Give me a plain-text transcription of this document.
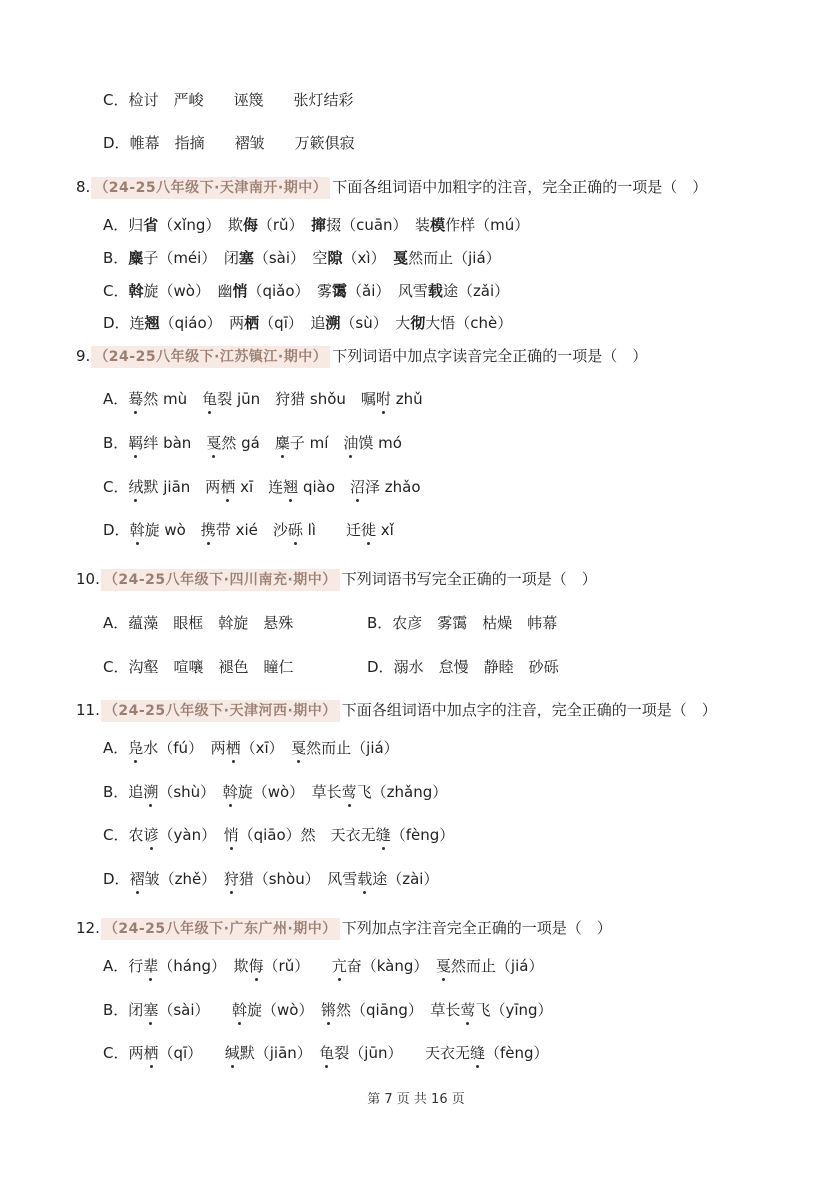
C．检讨　严峻　　诬篾　　张灯结彩
D．帷幕　指摘　　褶皱　　万簌俱寂
8. （24-25八年级下·天津南开·期中） 下面各组词语中加粗字的注音，完全正确的一项是（　）
A．归省（xǐng）　欺侮（rǔ）　撺掇（cuān）　装模作样（mú）
B．麋子（méi）　闭塞（sài）　空隙（xì）　戛然而止（jiá）
C．斡旋（wò）　幽悄（qiǎo）　雾霭（ǎi）　风雪载途（zǎi）
D．连翘（qiáo）　两栖（qī）　追溯（sù）　大彻大悟（chè）
9. （24-25八年级下·江苏镇江·期中） 下列词语中加点字读音完全正确的一项是（　）
A．蓦然 mù　龟裂 jūn　狩猎 shǒu　嘱咐 zhǔ
B．羁绊 bàn　戛然 gá　麋子 mí　油馍 mó
C．绒默 jiān　两栖 xī　连翘 qiào　沼泽 zhǎo
D．斡旋 wò　携带 xié　沙砾 lì　　迁徙 xǐ
10. （24-25八年级下·四川南充·期中） 下列词语书写完全正确的一项是（　）
A．蕴藻　眼框　斡旋　悬殊	B．农彦　雾霭　枯燥　帏幕
C．沟壑　喧嚷　褪色　瞳仁	D．溺水　怠慢　静睦　砂砾
11. （24-25八年级下·天津河西·期中） 下面各组词语中加点字的注音，完全正确的一项是（　）
A．凫水（fú）　两栖（xī）　戛然而止（jiá）
B．追溯（shù）　斡旋（wò）　草长莺飞（zhǎng）
C．农谚（yàn）　悄（qiāo）然　天衣无缝（fèng）
D．褶皱（zhě）　狩猎（shòu）　风雪载途（zài）
12. （24-25八年级下·广东广州·期中） 下列加点字注音完全正确的一项是（　）
A．行辈（háng）　欺侮（rǔ）　　亢奋（kàng）　戛然而止（jiá）
B．闭塞（sài）　　斡旋（wò）　锵然（qiāng）　草长莺飞（yīng）
C．两栖（qī）　　缄默（jiān）　龟裂（jūn）　　天衣无缝（fèng）
第 7 页 共 16 页
